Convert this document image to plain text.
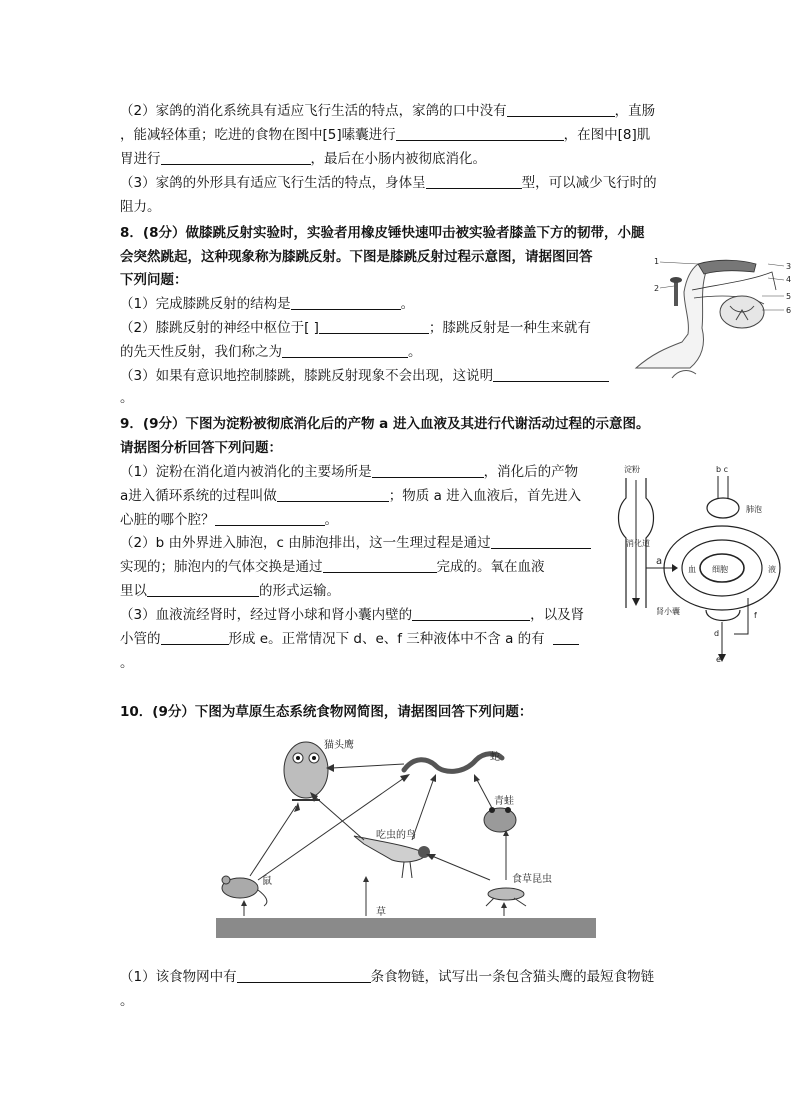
（2）家鸽的消化系统具有适应飞行生活的特点，家鸽的口中没有	，直肠
，能减轻体重；吃进的食物在图中[5]嗉囊进行	，在图中[8]肌
胃进行	，最后在小肠内被彻底消化。
（3）家鸽的外形具有适应飞行生活的特点，身体呈	型，可以减少飞行时的
阻力。
8．(8分）做膝跳反射实验时，实验者用橡皮锤快速叩击被实验者膝盖下方的韧带，小腿
会突然跳起，这种现象称为膝跳反射。下图是膝跳反射过程示意图，请据图回答
下列问题：
（1）完成膝跳反射的结构是	。
（2）膝跳反射的神经中枢位于[ ]	；膝跳反射是一种生来就有
的先天性反射，我们称之为	。
（3）如果有意识地控制膝跳，膝跳反射现象不会出现，这说明
。
1
2
3
4
5
6
9．(9分）下图为淀粉被彻底消化后的产物 a 进入血液及其进行代谢活动过程的示意图。
请据图分析回答下列问题：
（1）淀粉在消化道内被消化的主要场所是	，消化后的产物
a进入循环系统的过程叫做	；物质 a 进入血液后，首先进入
心脏的哪个腔？	。
（2）b 由外界进入肺泡，c 由肺泡排出，这一生理过程是通过
实现的；肺泡内的气体交换是通过	完成的。氧在血液
里以	的形式运输。
（3）血液流经肾时，经过肾小球和肾小囊内壁的	，以及肾
小管的	形成 e。正常情况下 d、e、f 三种液体中不含 a 的有
。
淀粉
消化道
a
血 细胞	液
b c
肺泡
肾小囊
d
e
f
10．(9分）下图为草原生态系统食物网简图，请据图回答下列问题：
草
猫头鹰
蛇
青蛙
吃虫的鸟
鼠	食草昆虫
（1）该食物网中有	条食物链，试写出一条包含猫头鹰的最短食物链
。
